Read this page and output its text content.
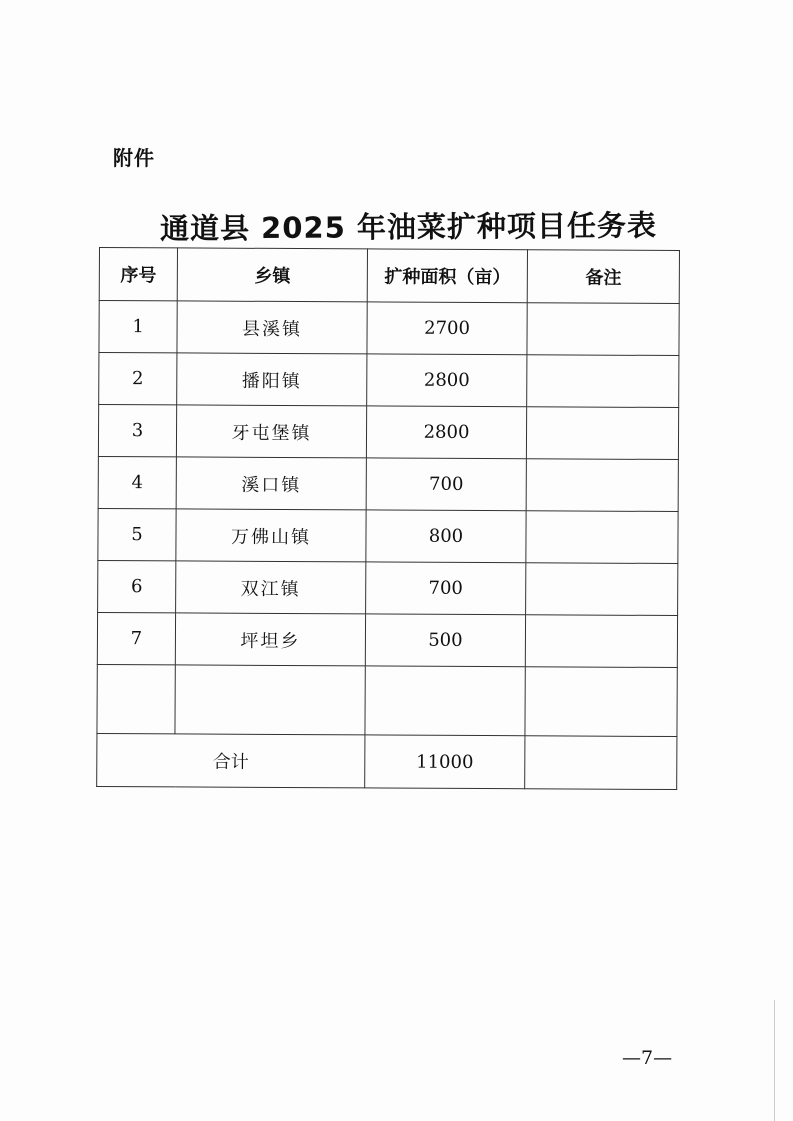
附件
通道县 2025 年油菜扩种项目任务表
序号	乡镇	扩种面积（亩）	备注
1	县溪镇	2700	
2	播阳镇	2800	
3	牙屯堡镇	2800	
4	溪口镇	700	
5	万佛山镇	800	
6	双江镇	700	
7	坪坦乡	500	

合计		11000	
—7—
